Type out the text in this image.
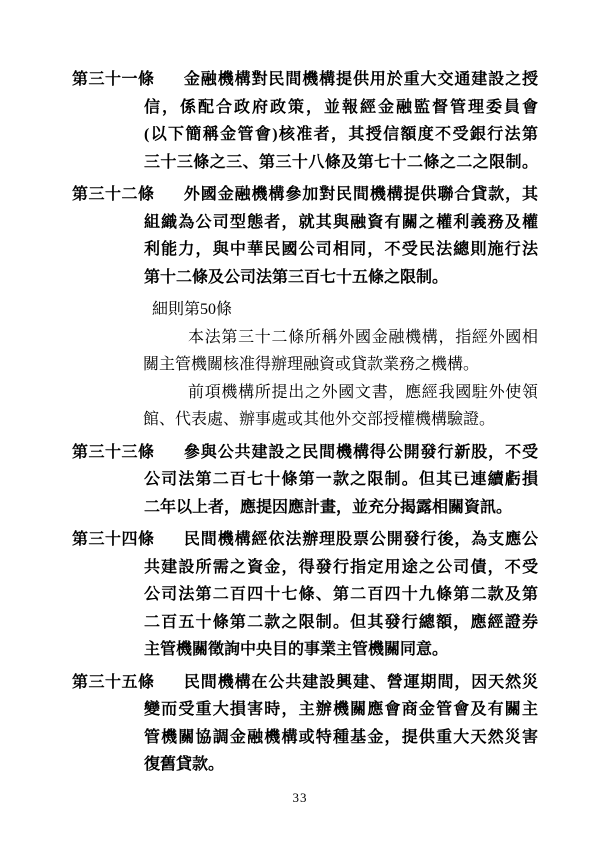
第三十一條 金融機構對民間機構提供用於重大交通建設之授
信，係配合政府政策，並報經金融監督管理委員會
(以下簡稱金管會)核准者，其授信額度不受銀行法第
三十三條之三、第三十八條及第七十二條之二之限制。
第三十二條 外國金融機構參加對民間機構提供聯合貸款，其
組織為公司型態者，就其與融資有關之權利義務及權
利能力，與中華民國公司相同，不受民法總則施行法
第十二條及公司法第三百七十五條之限制。
細則第50條
本法第三十二條所稱外國金融機構，指經外國相
關主管機關核准得辦理融資或貸款業務之機構。
前項機構所提出之外國文書，應經我國駐外使領
館、代表處、辦事處或其他外交部授權機構驗證。
第三十三條 參與公共建設之民間機構得公開發行新股，不受
公司法第二百七十條第一款之限制。但其已連續虧損
二年以上者，應提因應計畫，並充分揭露相關資訊。
第三十四條 民間機構經依法辦理股票公開發行後，為支應公
共建設所需之資金，得發行指定用途之公司債，不受
公司法第二百四十七條、第二百四十九條第二款及第
二百五十條第二款之限制。但其發行總額，應經證券
主管機關徵詢中央目的事業主管機關同意。
第三十五條 民間機構在公共建設興建、營運期間，因天然災
變而受重大損害時，主辦機關應會商金管會及有關主
管機關協調金融機構或特種基金，提供重大天然災害
復舊貸款。
33
